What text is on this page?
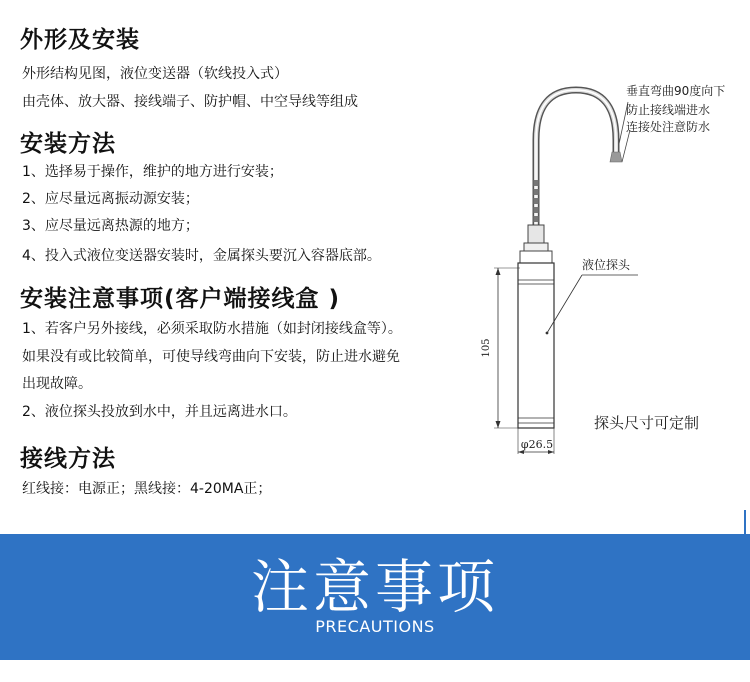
外形及安装
外形结构见图，液位变送器（软线投入式）
由壳体、放大器、接线端子、防护帽、中空导线等组成
安装方法
1、选择易于操作，维护的地方进行安装；
2、应尽量远离振动源安装；
3、应尽量远离热源的地方；
4、投入式液位变送器安装时，金属探头要沉入容器底部。
安装注意事项(客户端接线盒 )
1、若客户另外接线，必须采取防水措施（如封闭接线盒等）。
如果没有或比较简单，可使导线弯曲向下安装，防止进水避免
出现故障。
2、液位探头投放到水中，并且远离进水口。
接线方法
红线接：电源正；黑线接：4-20MA正；
105
φ26.5
垂直弯曲90度向下
防止接线端进水
连接处注意防水
液位探头
探头尺寸可定制
注意事项
PRECAUTIONS
